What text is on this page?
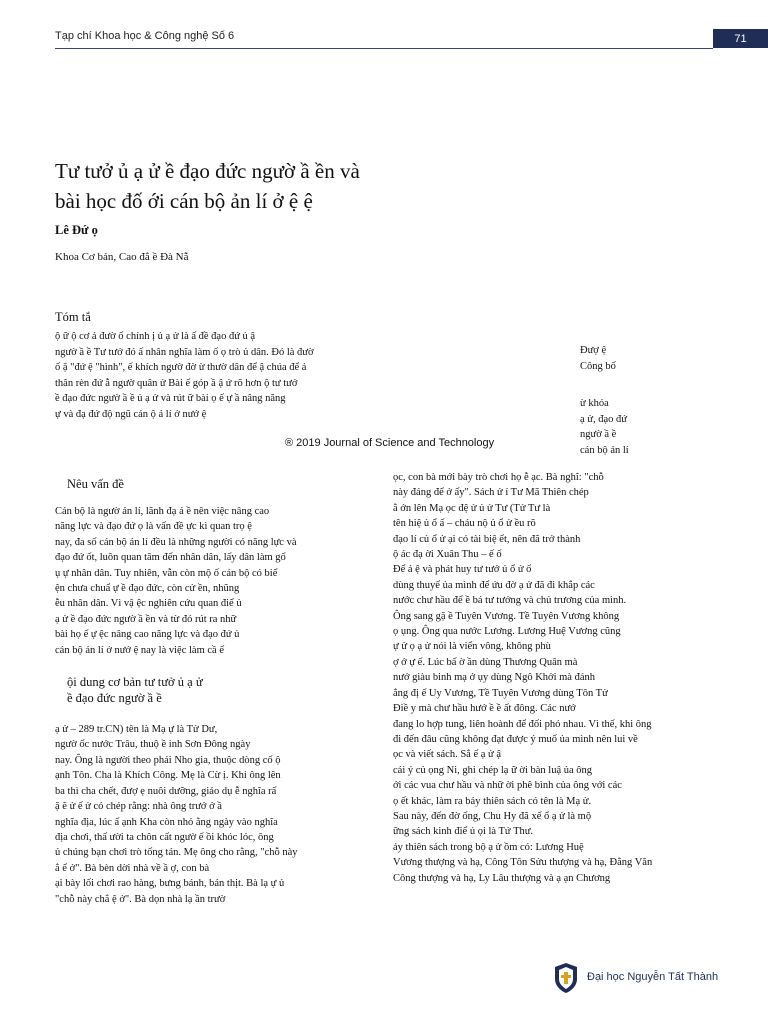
Tạp chí Khoa học & Công nghệ Số 6	71
Tư tưở ủ ạ ử ề đạo đức ngườ ầ ền và
bài học đố ới cán bộ ản lí ở ệ ệ
Lê Đứ ọ
Khoa Cơ bản, Cao đẳ ề Đà Nẵ
Tóm tắ
ộ ữ ộ cơ ả đườ ố chính ị ủ ạ ử là ấ đề đạo đứ ủ ậ
ngườ ầ ề Tư tưở đó ấ nhân nghĩa làm ố ọ trò ủ dân. Đó là đườ
ố ặ "đứ ệ "hình", ế khích ngườ đờ ừ thườ dân để ậ chúa để ả
thân rèn đứ ẫ ngườ quân ử Bài ế góp ầ ậ ứ rõ hơn ộ tư tưở
ề đạo đức ngườ ầ ề ủ ạ ử và rút ữ bài ọ ế ự ầ nâng năng
ự và đạ đứ độ ngũ cán ộ ả lí ở nướ ệ
® 2019 Journal of Science and Technology
Đượ ệ
Công bố
ừ khóa
ạ ử, đạo đứ
ngườ ầ ề
cán bộ ản lí
Nêu vấn đề
Cán bộ là ngườ ản lí, lãnh đạ ả ề nên việc nâng cao
năng lực và đạo đứ ọ là vấn đề ực kì quan trọ ệ
nay, đa số cán bộ ản lí đều là những người có năng lực và
đạo đứ ốt, luôn quan tâm đến nhân dân, lấy dân làm gố
ụ ự nhân dân. Tuy nhiên, vẫn còn mộ ố cán bộ có biể
ện chưa chuẩ ự ề đạo đức, còn cử ền, nhũng
ễu nhân dân. Vì vậ ệc nghiên cứu quan điể ủ
ạ ử ề đạo đức ngườ ầ ền và từ đó rút ra nhữ
bài họ ế ự ệc nâng cao năng lực và đạo đứ ủ
cán bộ ản lí ở nướ ệ nay là việc làm cầ ế
ội dung cơ bản tư tưở ủ ạ ử
ề đạo đức ngườ ầ ề
ạ ử – 289 tr.CN) tên là Mạ ự là Tử Dư,
ngườ ốc nước Trâu, thuộ ề inh Sơn Đông ngày
nay. Ông là người theo phái Nho gia, thuộc dòng cố ộ
ạnh Tôn. Cha là Khích Công. Mẹ là Cừ ị. Khi ông lên
ba thì cha chết, đượ ẹ nuôi dưỡng, giáo dụ ễ nghĩa rấ
ặ ẽ ử ế ử có chép rằng: nhà ông trướ ở ầ
nghĩa địa, lúc ấ ạnh Kha còn nhỏ ằng ngày vào nghĩa
địa chơi, thấ ười ta chôn cất ngườ ế ồi khóc lóc, ông
ủ chúng bạn chơi trò tống tán. Mẹ ông cho rằng, "chỗ này
ẳ ể ở". Bà bèn dời nhà về ầ ợ, con bà
ại bày lối chơi rao hàng, bưng bánh, bán thịt. Bà lạ ự ủ
"chỗ này chẳ ệ ở". Bà dọn nhà lạ ần trườ
ọc, con bà mới bày trò chơi họ ễ ạc. Bà nghĩ: "chỗ
này đáng để ở ấy". Sách ử ỉ Tư Mã Thiên chép
ằ ớn lên Mạ ọc đệ ử ủ ử Tư (Tử Tư là
tên hiệ ủ ổ ấ – cháu nộ ủ ổ ử ều rõ
đạo lí củ ổ ử ại có tài biệ ết, nên đã trở thành
ộ ác đạ ời Xuân Thu – ế ố
Để ả ệ và phát huy tư tưở ủ ổ ử ố
dùng thuyế ủa mình để ứu đờ ạ ử đã đi khắp các
nước chư hầu để ề bá tư tưởng và chủ trương của mình.
Ông sang gặ ề Tuyên Vương. Tề Tuyên Vương không
ọ ụng. Ông qua nước Lương. Lương Huệ Vương cũng
ự ử ọ ạ ử nói là viển vông, không phù
ợ ớ ự ế. Lúc bấ ờ ần dùng Thương Quân mà
nướ giàu binh mạ ở ụy dùng Ngô Khởi mà đánh
ắng đị ế Uy Vương, Tề Tuyên Vương dùng Tôn Tử
Điề y mà chư hầu hướ ề ề ất đông. Các nướ
đang lo hợp tung, liên hoành để đối phó nhau. Vì thế, khi ông
đi đến đâu cũng không đạt được ý muố ủa mình nên lui về
ọc và viết sách. Sắ ế ạ ử ậ
cái ý củ ọng Ni, ghi chép lạ ữ ời bàn luậ ủa ông
ới các vua chư hầu và nhữ ời phê bình của ông với các
ọ ết khác, làm ra bảy thiên sách có tên là Mạ ử.
Sau này, đến đờ ống, Chu Hy đã xế ổ ạ ử là mộ
ững sách kinh điể ủ ọi là Tứ Thư.
ảy thiên sách trong bộ ạ ử ồm có: Lương Huệ
Vương thượng và hạ, Công Tôn Sửu thượng và hạ, Đằng Văn
Công thượng và hạ, Ly Lâu thượng và ạ ạn Chương
Đại học Nguyễn Tất Thành
